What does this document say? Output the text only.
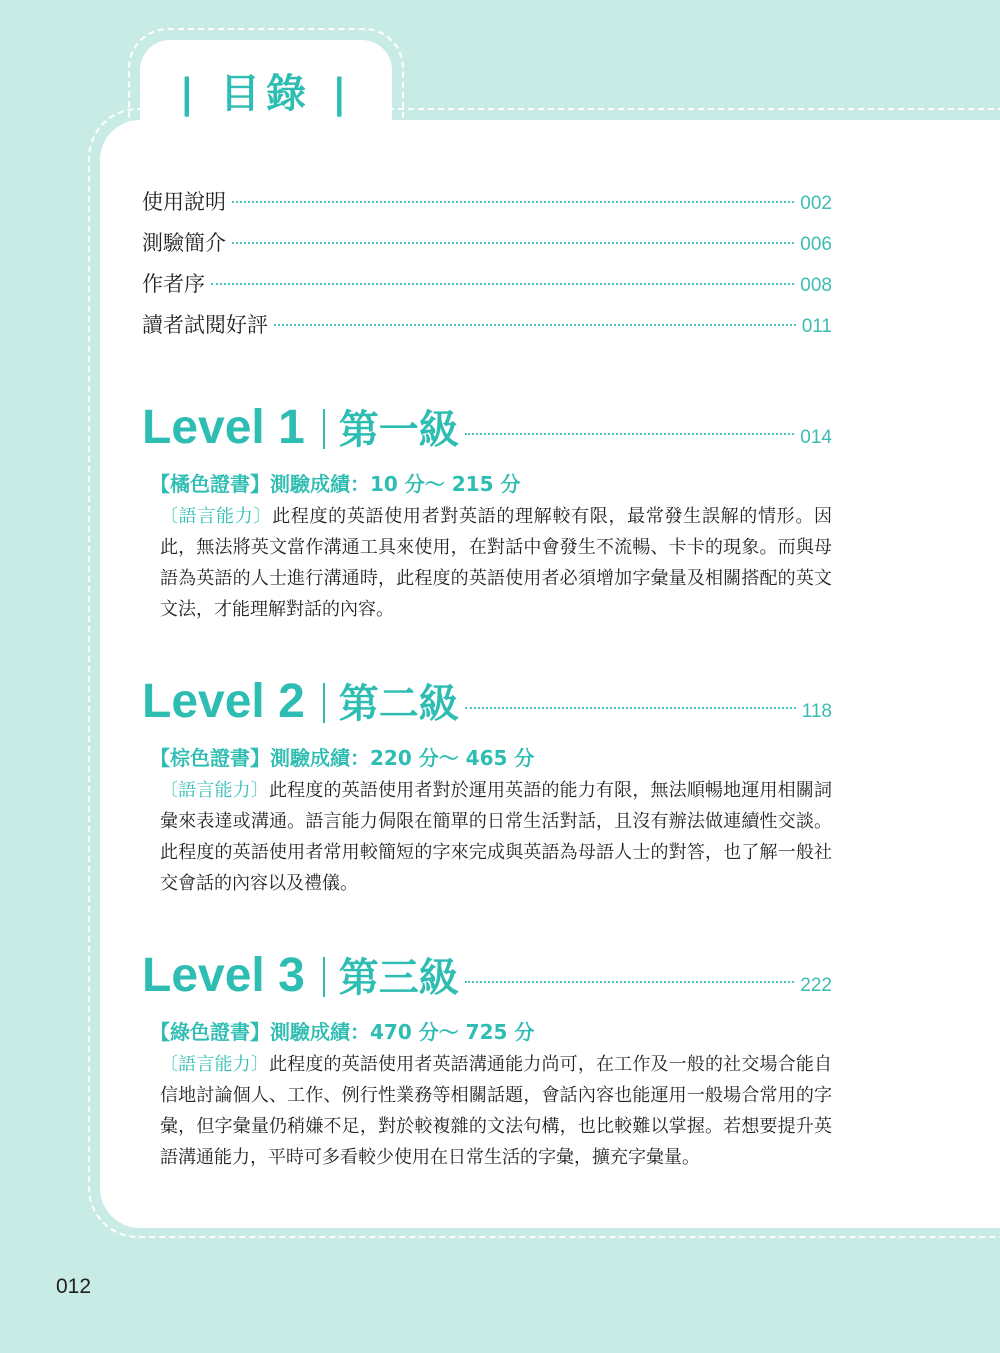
| 目錄 |
使用說明	002
測驗簡介	006
作者序	008
讀者試閱好評	011
Level 1 第一級	014
【橘色證書】測驗成績：10 分～ 215 分
〔語言能力〕此程度的英語使用者對英語的理解較有限，最常發生誤解的情形。因此，無法將英文當作溝通工具來使用，在對話中會發生不流暢、卡卡的現象。而與母語為英語的人士進行溝通時，此程度的英語使用者必須增加字彙量及相關搭配的英文文法，才能理解對話的內容。
Level 2 第二級	118
【棕色證書】測驗成績：220 分～ 465 分
〔語言能力〕此程度的英語使用者對於運用英語的能力有限，無法順暢地運用相關詞彙來表達或溝通。語言能力侷限在簡單的日常生活對話，且沒有辦法做連續性交談。此程度的英語使用者常用較簡短的字來完成與英語為母語人士的對答，也了解一般社交會話的內容以及禮儀。
Level 3 第三級	222
【綠色證書】測驗成績：470 分～ 725 分
〔語言能力〕此程度的英語使用者英語溝通能力尚可，在工作及一般的社交場合能自信地討論個人、工作、例行性業務等相關話題，會話內容也能運用一般場合常用的字彙，但字彙量仍稍嫌不足，對於較複雜的文法句構，也比較難以掌握。若想要提升英語溝通能力，平時可多看較少使用在日常生活的字彙，擴充字彙量。
012
